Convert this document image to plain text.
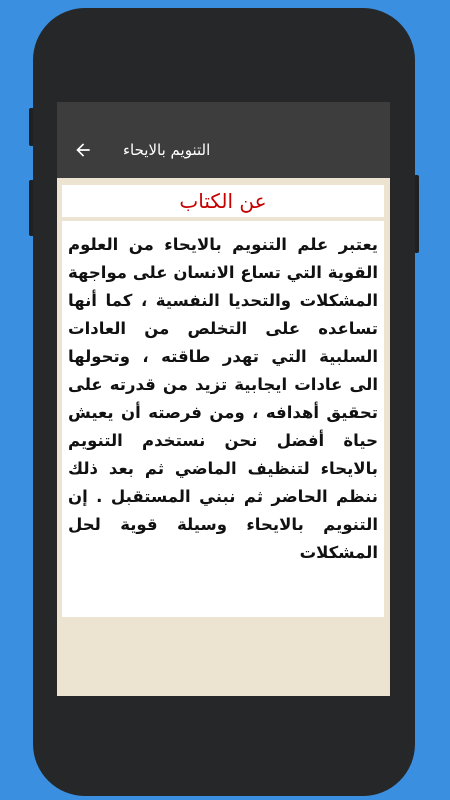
التنويم بالايحاء
عن الكتاب
يعتبر علم التنويم بالايحاء من العلوم القوية التي تساع الانسان على مواجهة المشكلات والتحديا النفسية ، كما أنها تساعده على التخلص من العادات السلبية التي تهدر طاقته ، وتحولها الى عادات ايجابية تزيد من قدرته على تحقيق أهدافه ، ومن فرصته أن يعيش حياة أفضل نحن نستخدم التنويم بالايحاء لتنظيف الماضي ثم بعد ذلك ننظم الحاضر ثم نبني المستقبل . إن التنويم بالايحاء وسيلة قوية لحل المشكلات
